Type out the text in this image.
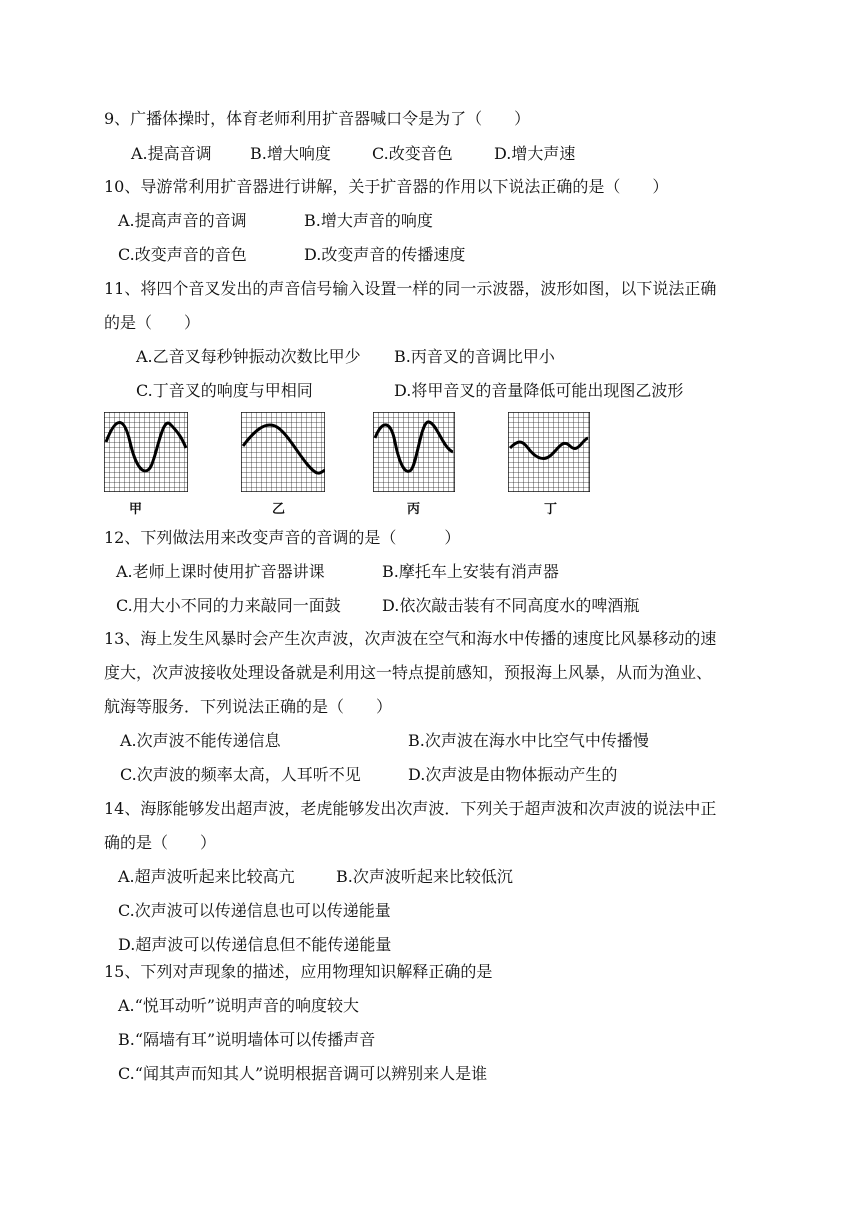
9、广播体操时，体育老师利用扩音器喊口令是为了（　　）
A.提高音调 B.增大响度	C.改变音色	D.增大声速
10、导游常利用扩音器进行讲解，关于扩音器的作用以下说法正确的是（　　）
A.提高声音的音调	B.增大声音的响度
C.改变声音的音色	D.改变声音的传播速度
11、将四个音叉发出的声音信号输入设置一样的同一示波器，波形如图，以下说法正确
的是（　　）
A.乙音叉每秒钟振动次数比甲少 B.丙音叉的音调比甲小
C.丁音叉的响度与甲相同	D.将甲音叉的音量降低可能出现图乙波形
甲	乙	丙	丁
12、下列做法用来改变声音的音调的是（　　　）
A.老师上课时使用扩音器讲课	B.摩托车上安装有消声器
C.用大小不同的力来敲同一面鼓	D.依次敲击装有不同高度水的啤酒瓶
13、海上发生风暴时会产生次声波，次声波在空气和海水中传播的速度比风暴移动的速
度大，次声波接收处理设备就是利用这一特点提前感知，预报海上风暴，从而为渔业、
航海等服务．下列说法正确的是（　　）
A.次声波不能传递信息	B.次声波在海水中比空气中传播慢
C.次声波的频率太高，人耳听不见	D.次声波是由物体振动产生的
14、海豚能够发出超声波，老虎能够发出次声波．下列关于超声波和次声波的说法中正
确的是（　　）
A.超声波听起来比较高亢	B.次声波听起来比较低沉
C.次声波可以传递信息也可以传递能量
D.超声波可以传递信息但不能传递能量
15、下列对声现象的描述，应用物理知识解释正确的是
A.“悦耳动听”说明声音的响度较大
B.“隔墙有耳”说明墙体可以传播声音
C.“闻其声而知其人”说明根据音调可以辨别来人是谁
